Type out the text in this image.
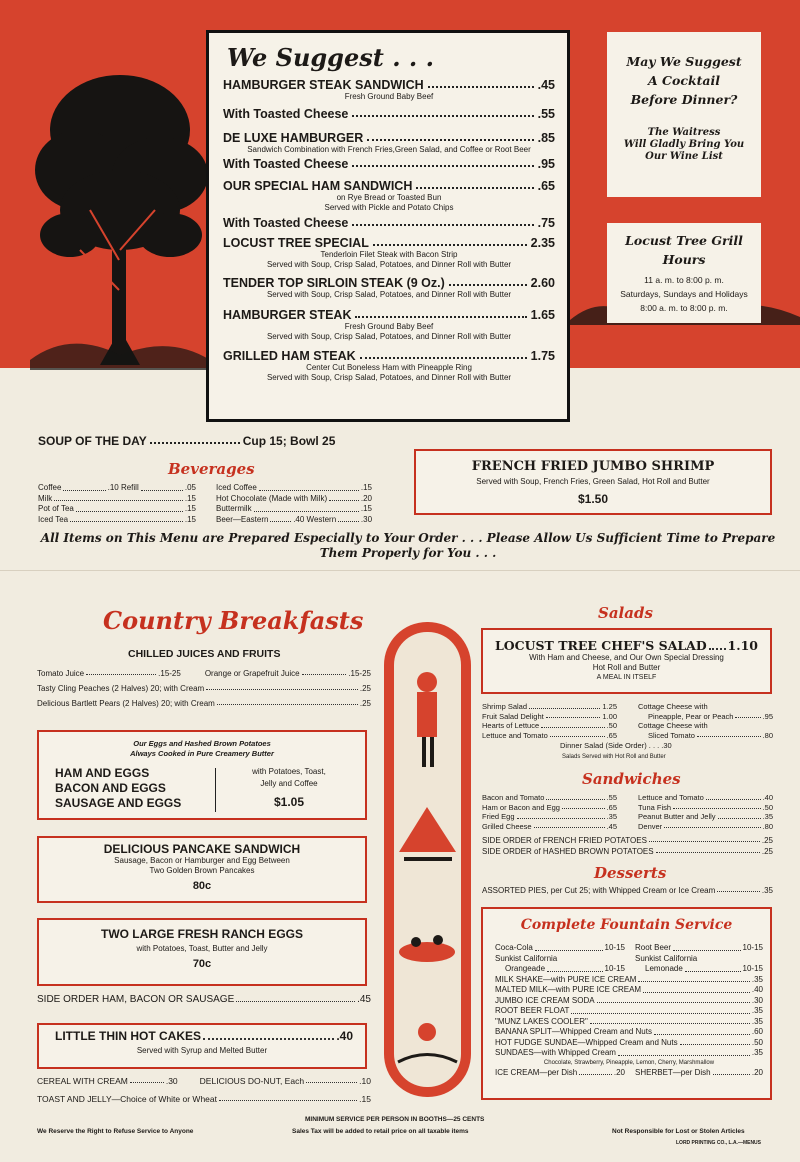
We Suggest . . .
HAMBURGER STEAK SANDWICH	.45
Fresh Ground Baby Beef
With Toasted Cheese	.55
DE LUXE HAMBURGER	.85
Sandwich Combination with French Fries,Green Salad, and Coffee or Root Beer
With Toasted Cheese	.95
OUR SPECIAL HAM SANDWICH	.65
on Rye Bread or Toasted Bun
Served with Pickle and Potato Chips
With Toasted Cheese	.75
LOCUST TREE SPECIAL	2.35
Tenderloin Filet Steak with Bacon Strip
Served with Soup, Crisp Salad, Potatoes, and Dinner Roll with Butter
TENDER TOP SIRLOIN STEAK (9 Oz.)	2.60
Served with Soup, Crisp Salad, Potatoes, and Dinner Roll with Butter
HAMBURGER STEAK	1.65
Fresh Ground Baby Beef
Served with Soup, Crisp Salad, Potatoes, and Dinner Roll with Butter
GRILLED HAM STEAK	1.75
Center Cut Boneless Ham with Pineapple Ring
Served with Soup, Crisp Salad, Potatoes, and Dinner Roll with Butter
May We Suggest
A Cocktail
Before Dinner?
The Waitress
Will Gladly Bring You
Our Wine List
Locust Tree Grill
Hours
11 a. m. to 8:00 p. m.
Saturdays, Sundays and Holidays
8:00 a. m. to 8:00 p. m.
SOUP OF THE DAY	Cup 15; Bowl 25
Beverages
Coffee	.10 Refill	.05
Milk	.15
Pot of Tea	.15
Iced Tea	.15
Iced Coffee	.15
Hot Chocolate (Made with Milk)	.20
Buttermilk	.15
Beer—Eastern	.40 Western	.30
FRENCH FRIED JUMBO SHRIMP
Served with Soup, French Fries, Green Salad, Hot Roll and Butter
$1.50
All Items on This Menu are Prepared Especially to Your Order . . . Please Allow Us Sufficient Time to Prepare Them Properly for You . . .
Country Breakfasts
CHILLED JUICES AND FRUITS
Tomato Juice	.15-25	Orange or Grapefruit Juice	.15-25
Tasty Cling Peaches (2 Halves) 20; with Cream	.25
Delicious Bartlett Pears (2 Halves) 20; with Cream	.25
Our Eggs and Hashed Brown Potatoes
Always Cooked in Pure Creamery Butter
HAM AND EGGS
BACON AND EGGS
SAUSAGE AND EGGS
with Potatoes, Toast,
Jelly and Coffee
$1.05
DELICIOUS PANCAKE SANDWICH
Sausage, Bacon or Hamburger and Egg Between
Two Golden Brown Pancakes
80c
TWO LARGE FRESH RANCH EGGS
with Potatoes, Toast, Butter and Jelly
70c
SIDE ORDER HAM, BACON OR SAUSAGE	.45
LITTLE THIN HOT CAKES	.40
Served with Syrup and Melted Butter
CEREAL WITH CREAM	.30	DELICIOUS DO-NUT, Each	.10
TOAST AND JELLY—Choice of White or Wheat	.15
Salads
LOCUST TREE CHEF'S SALAD 1.10
With Ham and Cheese, and Our Own Special Dressing
Hot Roll and Butter
A MEAL IN ITSELF
Shrimp Salad	1.25
Fruit Salad Delight	1.00
Hearts of Lettuce	.50
Lettuce and Tomato	.65
Cottage Cheese with
Pineapple, Pear or Peach	.95
Cottage Cheese with
Sliced Tomato	.80
Dinner Salad (Side Order) . . . .30
Salads Served with Hot Roll and Butter
Sandwiches
Bacon and Tomato	.55
Ham or Bacon and Egg	.65
Fried Egg	.35
Grilled Cheese	.45
Lettuce and Tomato	.40
Tuna Fish	.50
Peanut Butter and Jelly	.35
Denver	.80
SIDE ORDER of FRENCH FRIED POTATOES	.25
SIDE ORDER of HASHED BROWN POTATOES	.25
Desserts
ASSORTED PIES, per Cut 25; with Whipped Cream or Ice Cream	.35
Complete Fountain Service
Coca-Cola	10-15
Sunkist California
Orangeade	10-15
Root Beer	10-15
Sunkist California
Lemonade	10-15
MILK SHAKE—with PURE ICE CREAM	.35
MALTED MILK—with PURE ICE CREAM	.40
JUMBO ICE CREAM SODA	.30
ROOT BEER FLOAT	.35
"MUNZ LAKES COOLER"	.35
BANANA SPLIT—Whipped Cream and Nuts	.60
HOT FUDGE SUNDAE—Whipped Cream and Nuts	.50
SUNDAES—with Whipped Cream	.35
Chocolate, Strawberry, Pineapple, Lemon, Cherry, Marshmallow
ICE CREAM—per Dish	.20 SHERBET—per Dish	.20
MINIMUM SERVICE PER PERSON IN BOOTHS—25 CENTS
We Reserve the Right to Refuse Service to Anyone	Sales Tax will be added to retail price on all taxable items	Not Responsible for Lost or Stolen Articles
LORD PRINTING CO., L.A.—MENUS
